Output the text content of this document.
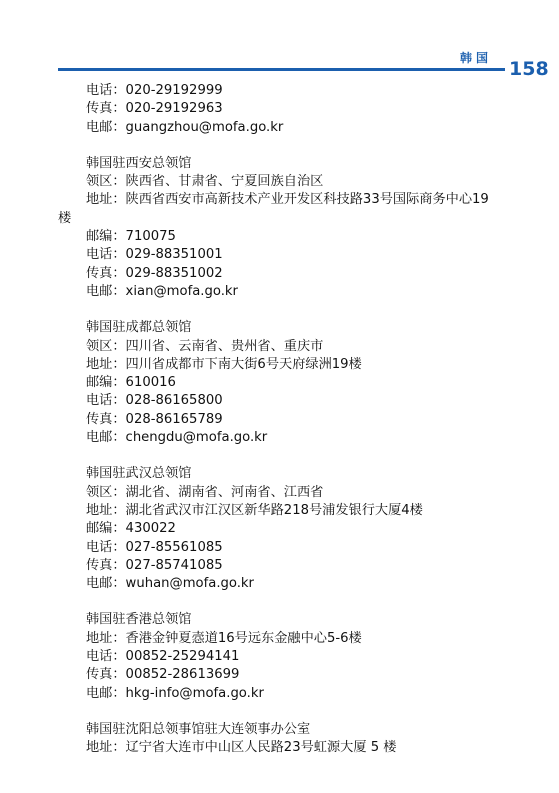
韩国 158
电话：020-29192999
传真：020-29192963
电邮：guangzhou@mofa.go.kr
韩国驻西安总领馆
领区：陕西省、甘肃省、宁夏回族自治区
地址：陕西省西安市高新技术产业开发区科技路33号国际商务中心19
楼
邮编：710075
电话：029-88351001
传真：029-88351002
电邮：xian@mofa.go.kr
韩国驻成都总领馆
领区：四川省、云南省、贵州省、重庆市
地址：四川省成都市下南大街6号天府绿洲19楼
邮编：610016
电话：028-86165800
传真：028-86165789
电邮：chengdu@mofa.go.kr
韩国驻武汉总领馆
领区：湖北省、湖南省、河南省、江西省
地址：湖北省武汉市江汉区新华路218号浦发银行大厦4楼
邮编：430022
电话：027-85561085
传真：027-85741085
电邮：wuhan@mofa.go.kr
韩国驻香港总领馆
地址：香港金钟夏悫道16号远东金融中心5-6楼
电话：00852-25294141
传真：00852-28613699
电邮：hkg-info@mofa.go.kr
韩国驻沈阳总领事馆驻大连领事办公室
地址：辽宁省大连市中山区人民路23号虹源大厦 5 楼
